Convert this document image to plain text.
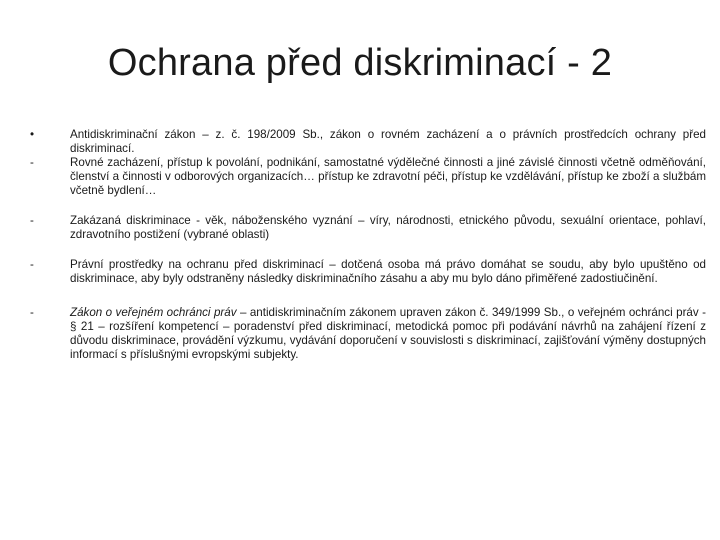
Ochrana před diskriminací - 2
•	Antidiskriminační zákon – z. č. 198/2009 Sb., zákon o rovném zacházení a o právních prostředcích ochrany před diskriminací.
-	Rovné zacházení, přístup k povolání, podnikání, samostatné výdělečné činnosti a jiné závislé činnosti včetně odměňování, členství a činnosti v odborových organizacích… přístup ke zdravotní péči, přístup ke vzdělávání, přístup ke zboží a službám včetně bydlení…
-	Zakázaná diskriminace - věk, náboženského vyznání – víry, národnosti, etnického původu, sexuální orientace, pohlaví, zdravotního postižení (vybrané oblasti)
-	Právní prostředky na ochranu před diskriminací – dotčená osoba má právo domáhat se soudu, aby bylo upuštěno od diskriminace, aby byly odstraněny následky diskriminačního zásahu a aby mu bylo dáno přiměřené zadostiučinění.
-	Zákon o veřejném ochránci práv – antidiskriminačním zákonem upraven zákon č. 349/1999 Sb., o veřejném ochránci práv - § 21 – rozšíření kompetencí – poradenství před diskriminací, metodická pomoc při podávání návrhů na zahájení řízení z důvodu diskriminace, provádění výzkumu, vydávání doporučení v souvislosti s diskriminací, zajišťování výměny dostupných informací s příslušnými evropskými subjekty.
